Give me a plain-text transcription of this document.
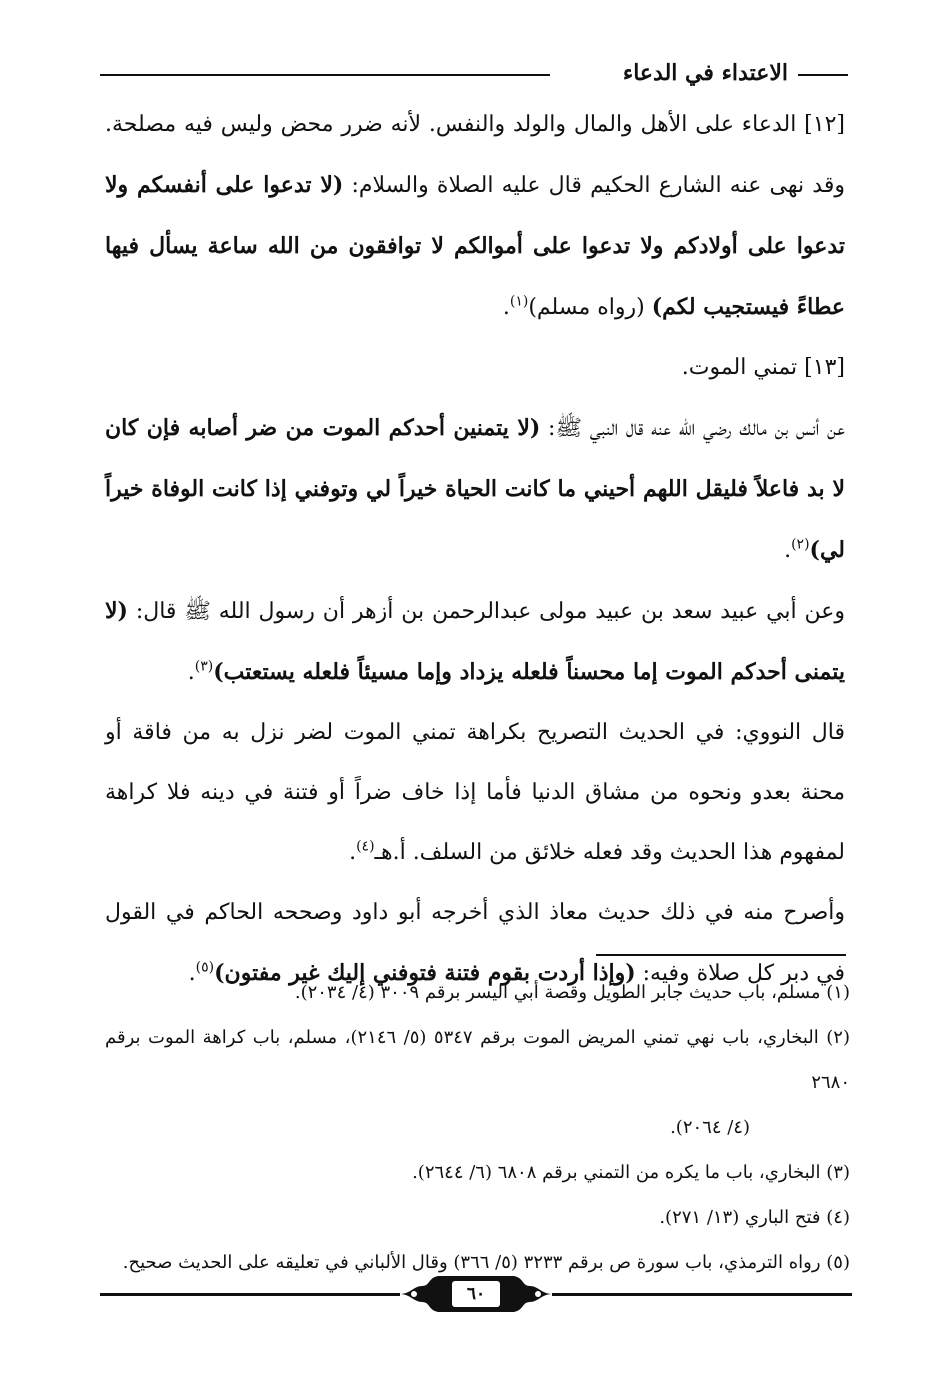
الاعتداء في الدعاء

[١٢] الدعاء على الأهل والمال والولد والنفس. لأنه ضرر محض وليس فيه مصلحة. وقد نهى عنه الشارع الحكيم قال عليه الصلاة والسلام: (لا تدعوا على أنفسكم ولا تدعوا على أولادكم ولا تدعوا على أموالكم لا توافقون من الله ساعة يسأل فيها عطاءً فيستجيب لكم) (رواه مسلم)$^{(١)}$.

[١٣] تمني الموت.

عن أنس بن مالك رضي الله عنه قال النبي ﷺ: (لا يتمنين أحدكم الموت من ضر أصابه فإن كان لا بد فاعلاً فليقل اللهم أحيني ما كانت الحياة خيراً لي وتوفني إذا كانت الوفاة خيراً لي)$^{(٢)}$.

وعن أبي عبيد سعد بن عبيد مولى عبدالرحمن بن أزهر أن رسول الله ﷺ قال: (لا يتمنى أحدكم الموت إما محسناً فلعله يزداد وإما مسيئاً فلعله يستعتب)$^{(٣)}$.

قال النووي: في الحديث التصريح بكراهة تمني الموت لضر نزل به من فاقة أو محنة بعدو ونحوه من مشاق الدنيا فأما إذا خاف ضراً أو فتنة في دينه فلا كراهة لمفهوم هذا الحديث وقد فعله خلائق من السلف. أ.هـ$^{(٤)}$.

وأصرح منه في ذلك حديث معاذ الذي أخرجه أبو داود وصححه الحاكم في القول في دبر كل صلاة وفيه: (وإذا أردت بقوم فتنة فتوفني إليك غير مفتون)$^{(٥)}$.

(١) مسلم، باب حديث جابر الطويل وقصة أبي اليسر برقم ٣٠٠٩ (٤/ ٢٠٣٤).

(٢) البخاري، باب نهي تمني المريض الموت برقم ٥٣٤٧ (٥/ ٢١٤٦)، مسلم، باب كراهة الموت برقم ٢٦٨٠

(٤/ ٢٠٦٤).

(٣) البخاري، باب ما يكره من التمني برقم ٦٨٠٨ (٦/ ٢٦٤٤).

(٤) فتح الباري (١٣/ ٢٧١).

(٥) رواه الترمذي، باب سورة ص برقم ٣٢٣٣ (٥/ ٣٦٦) وقال الألباني في تعليقه على الحديث صحيح.

٦٠
